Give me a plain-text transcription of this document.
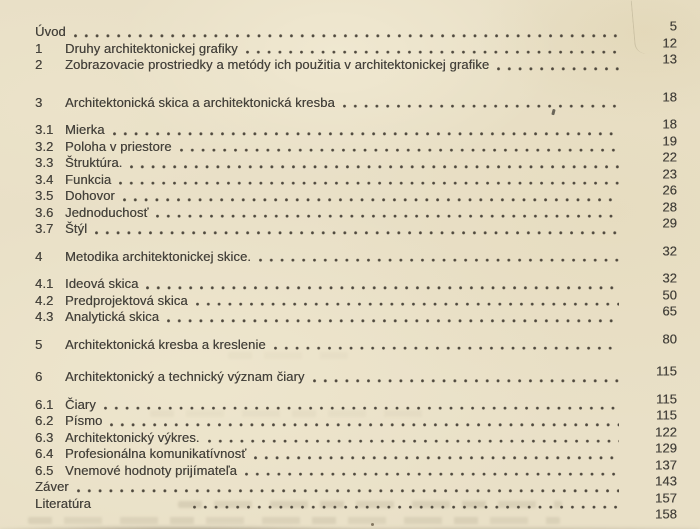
Úvod	5
1	Druhy architektonickej grafiky	12
2	Zobrazovacie prostriedky a metódy ich použitia v architektonickej grafike	13
3	Architektonická skica a architektonická kresba	18
3.1 Mierka	18
3.2 Poloha v priestore	19
3.3 Štruktúra.	22
3.4 Funkcia	23
3.5 Dohovor	26
3.6 Jednoduchosť	28
3.7 Štýl	29
4	Metodika architektonickej skice.	32
4.1 Ideová skica	32
4.2 Predprojektová skica	50
4.3 Analytická skica	65
5	Architektonická kresba a kreslenie	80
6	Architektonický a technický význam čiary	115
6.1 Čiary	115
6.2 Písmo	115
6.3 Architektonický výkres.	122
6.4 Profesionálna komunikatívnosť	129
6.5 Vnemové hodnoty prijímateľa	137
Záver	143
Literatúra	157
158
